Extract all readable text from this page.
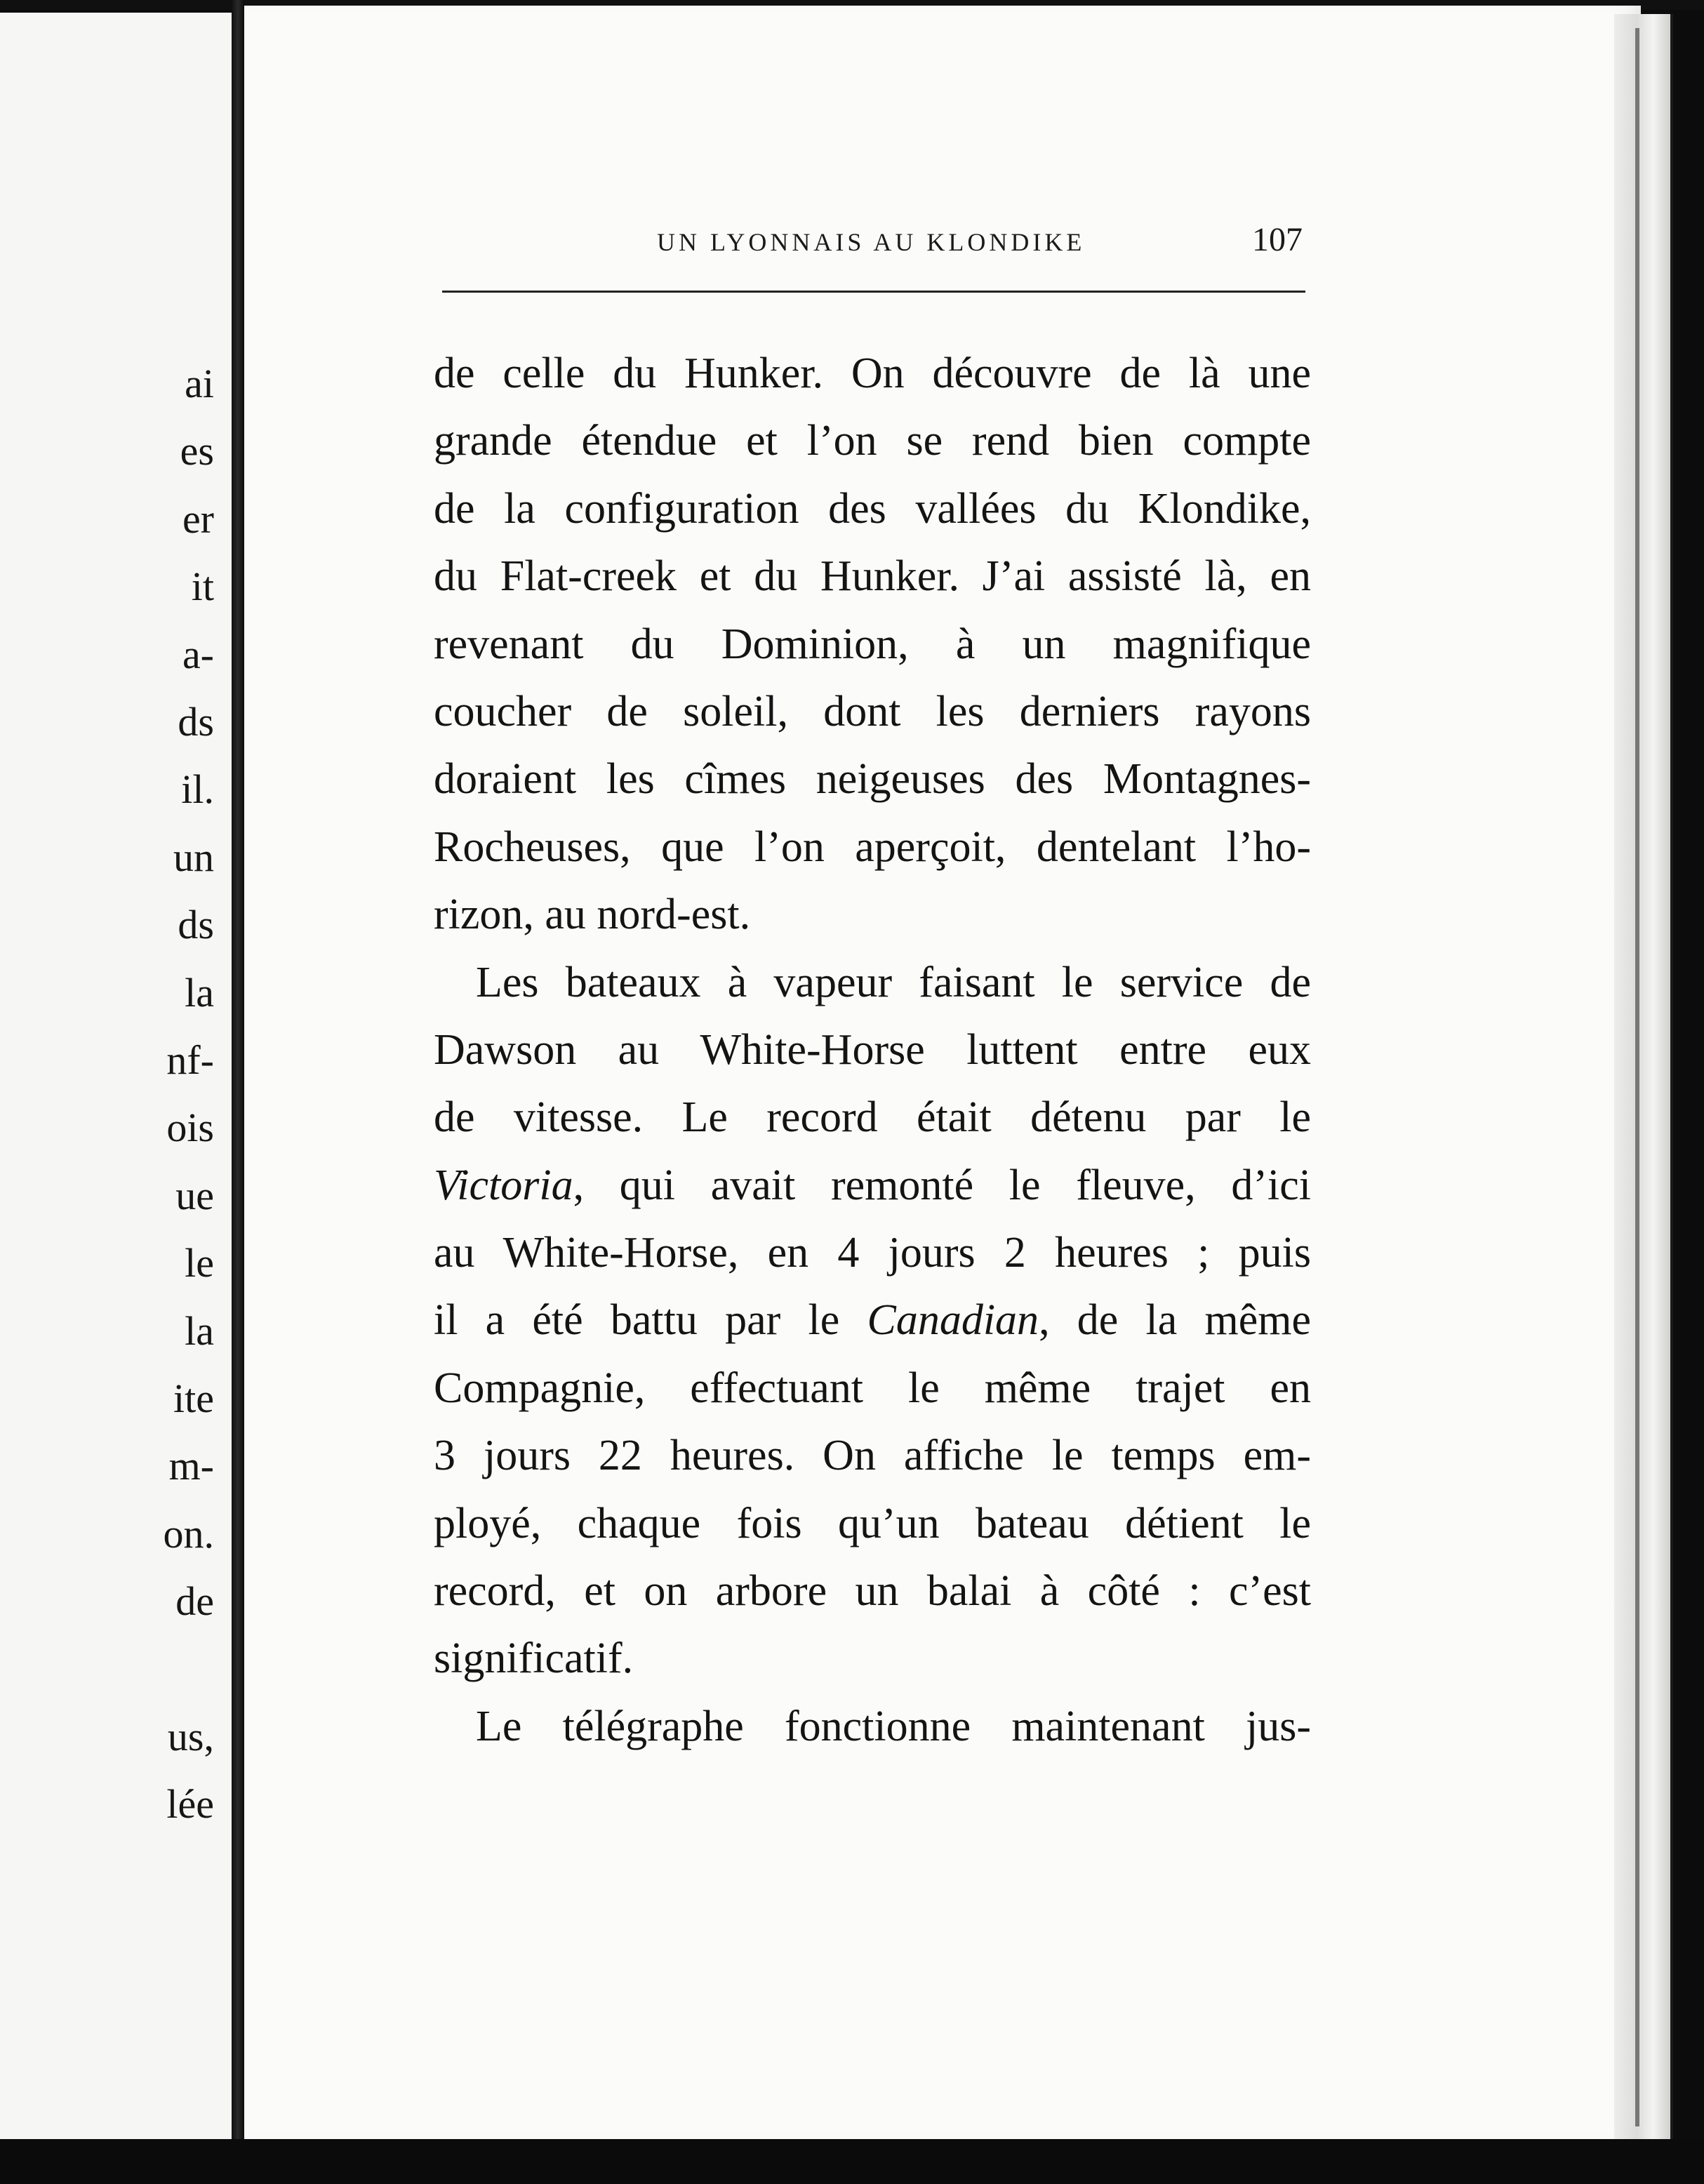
ai
es
er
it
a-
ds
il.
un
ds
la
nf-
ois
ue
le
la
ite
m-
on.
de
us,
lée
UN LYONNAIS AU KLONDIKE	107
de celle du Hunker. On découvre de là une
grande étendue et l’on se rend bien compte
de la configuration des vallées du Klondike,
du Flat-creek et du Hunker. J’ai assisté là, en
revenant du Dominion, à un magnifique
coucher de soleil, dont les derniers rayons
doraient les cîmes neigeuses des Montagnes-
Rocheuses, que l’on aperçoit, dentelant l’ho-
rizon, au nord-est.
Les bateaux à vapeur faisant le service de
Dawson au White-Horse luttent entre eux
de vitesse. Le record était détenu par le
Victoria, qui avait remonté le fleuve, d’ici
au White-Horse, en 4 jours 2 heures ; puis
il a été battu par le Canadian, de la même
Compagnie, effectuant le même trajet en
3 jours 22 heures. On affiche le temps em-
ployé, chaque fois qu’un bateau détient le
record, et on arbore un balai à côté : c’est
significatif.
Le télégraphe fonctionne maintenant jus-
